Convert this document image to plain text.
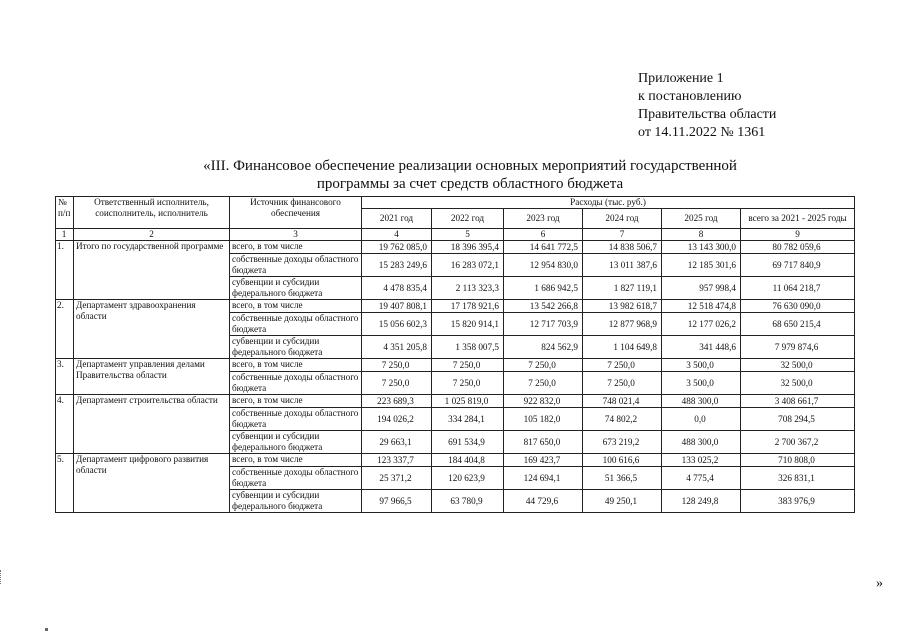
Приложение 1
к постановлению
Правительства области
от 14.11.2022 № 1361
«III. Финансовое обеспечение реализации основных мероприятий государственной
программы за счет средств областного бюджета
№ п/п	Ответственный исполнитель, соисполнитель, исполнитель	Источник финансового обеспечения	Расходы (тыс. руб.)					
			2021 год	2022 год	2023 год	2024 год	2025 год	всего за 2021 - 2025 годы
1	2	3	4	5	6	7	8	9
1.	Итого по государственной программе	всего, в том числе	19 762 085,0	18 396 395,4	14 641 772,5	14 838 506,7	13 143 300,0	80 782 059,6
		собственные доходы областного бюджета	15 283 249,6	16 283 072,1	12 954 830,0	13 011 387,6	12 185 301,6	69 717 840,9
		субвенции и субсидии федерального бюджета	4 478 835,4	2 113 323,3	1 686 942,5	1 827 119,1	957 998,4	11 064 218,7
2.	Департамент здравоохранения области	всего, в том числе	19 407 808,1	17 178 921,6	13 542 266,8	13 982 618,7	12 518 474,8	76 630 090,0
		собственные доходы областного бюджета	15 056 602,3	15 820 914,1	12 717 703,9	12 877 968,9	12 177 026,2	68 650 215,4
		субвенции и субсидии федерального бюджета	4 351 205,8	1 358 007,5	824 562,9	1 104 649,8	341 448,6	7 979 874,6
3.	Департамент управления делами Правительства области	всего, в том числе	7 250,0	7 250,0	7 250,0	7 250,0	3 500,0	32 500,0
		собственные доходы областного бюджета	7 250,0	7 250,0	7 250,0	7 250,0	3 500,0	32 500,0
4.	Департамент строительства области	всего, в том числе	223 689,3	1 025 819,0	922 832,0	748 021,4	488 300,0	3 408 661,7
		собственные доходы областного бюджета	194 026,2	334 284,1	105 182,0	74 802,2	0,0	708 294,5
		субвенции и субсидии федерального бюджета	29 663,1	691 534,9	817 650,0	673 219,2	488 300,0	2 700 367,2
5.	Департамент цифрового развития области	всего, в том числе	123 337,7	184 404,8	169 423,7	100 616,6	133 025,2	710 808,0
		собственные доходы областного бюджета	25 371,2	120 623,9	124 694,1	51 366,5	4 775,4	326 831,1
		субвенции и субсидии федерального бюджета	97 966,5	63 780,9	44 729,6	49 250,1	128 249,8	383 976,9
»
